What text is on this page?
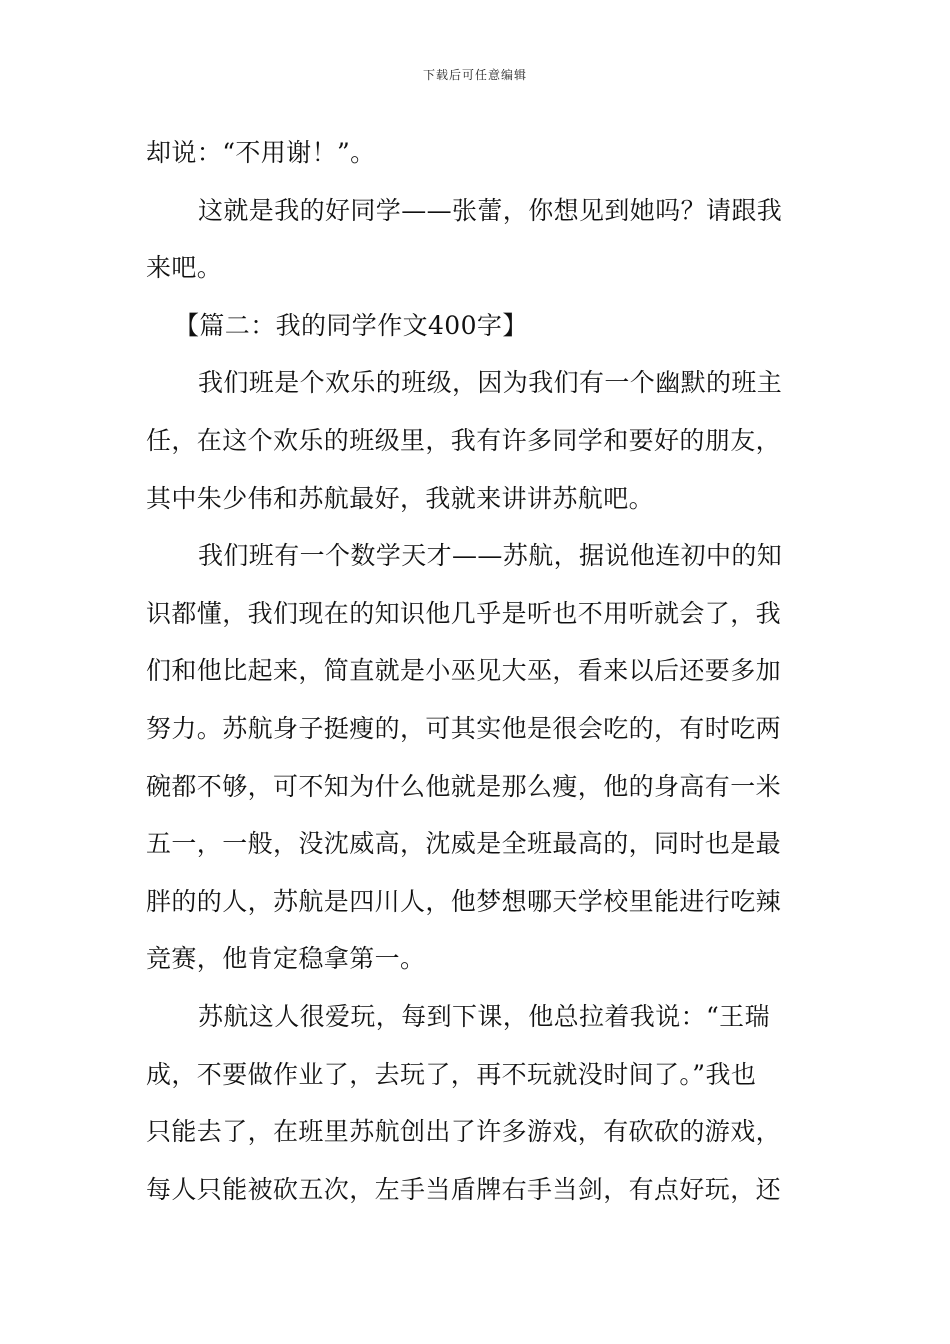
下载后可任意编辑
却说：“不用谢！”。
这就是我的好同学——张蕾，你想见到她吗？请跟我
来吧。
【篇二：我的同学作文400字】
我们班是个欢乐的班级，因为我们有一个幽默的班主
任，在这个欢乐的班级里，我有许多同学和要好的朋友，
其中朱少伟和苏航最好，我就来讲讲苏航吧。
我们班有一个数学天才——苏航，据说他连初中的知
识都懂，我们现在的知识他几乎是听也不用听就会了，我
们和他比起来，简直就是小巫见大巫，看来以后还要多加
努力。苏航身子挺瘦的，可其实他是很会吃的，有时吃两
碗都不够，可不知为什么他就是那么瘦，他的身高有一米
五一，一般，没沈威高，沈威是全班最高的，同时也是最
胖的的人，苏航是四川人，他梦想哪天学校里能进行吃辣
竞赛，他肯定稳拿第一。
苏航这人很爱玩，每到下课，他总拉着我说：“王瑞
成，不要做作业了，去玩了，再不玩就没时间了。”我也
只能去了，在班里苏航创出了许多游戏，有砍砍的游戏，
每人只能被砍五次，左手当盾牌右手当剑，有点好玩，还
